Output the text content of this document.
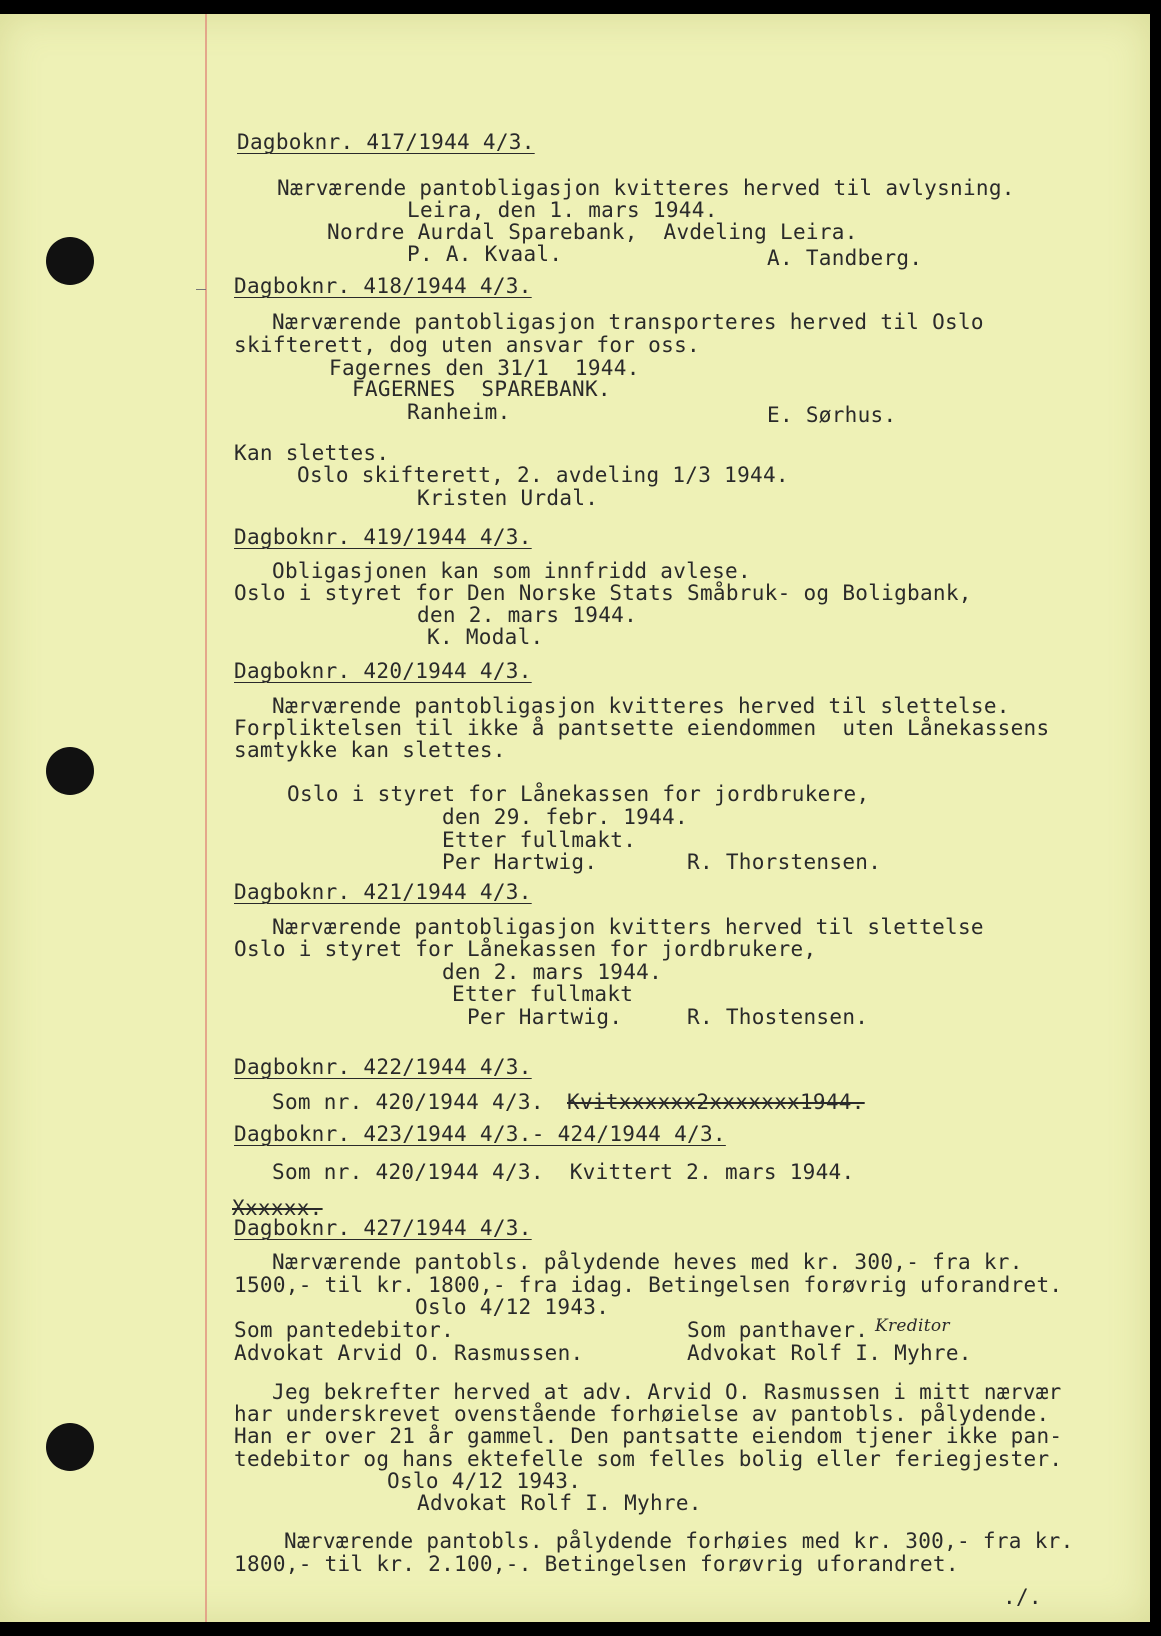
Dagboknr. 417/1944 4/3.
Nærværende pantobligasjon kvitteres herved til avlysning.
Leira, den 1. mars 1944.
Nordre Aurdal Sparebank,  Avdeling Leira.
P. A. Kvaal.	A. Tandberg.
Dagboknr. 418/1944 4/3.
Nærværende pantobligasjon transporteres herved til Oslo
skifterett, dog uten ansvar for oss.
Fagernes den 31/1  1944.
FAGERNES  SPAREBANK.
Ranheim.	E. Sørhus.
Kan slettes.
Oslo skifterett, 2. avdeling 1/3 1944.
Kristen Urdal.
Dagboknr. 419/1944 4/3.
Obligasjonen kan som innfridd avlese.
Oslo i styret for Den Norske Stats Småbruk- og Boligbank,
den 2. mars 1944.
K. Modal.
Dagboknr. 420/1944 4/3.
Nærværende pantobligasjon kvitteres herved til slettelse.
Forpliktelsen til ikke å pantsette eiendommen  uten Lånekassens
samtykke kan slettes.
Oslo i styret for Lånekassen for jordbrukere,
den 29. febr. 1944.
Etter fullmakt.
Per Hartwig.	R. Thorstensen.
Dagboknr. 421/1944 4/3.
Nærværende pantobligasjon kvitters herved til slettelse
Oslo i styret for Lånekassen for jordbrukere,
den 2. mars 1944.
Etter fullmakt
Per Hartwig.	R. Thostensen.
Dagboknr. 422/1944 4/3.
Som nr. 420/1944 4/3. Kvitxxxxxx2xxxxxxx1944.
Dagboknr. 423/1944 4/3.- 424/1944 4/3.
Som nr. 420/1944 4/3.  Kvittert 2. mars 1944.
Xxxxxx.
Dagboknr. 427/1944 4/3.
Nærværende pantobls. pålydende heves med kr. 300,- fra kr.
1500,- til kr. 1800,- fra idag. Betingelsen forøvrig uforandret.
Oslo 4/12 1943.
Som pantedebitor.	Som panthaver. Kreditor
Advokat Arvid O. Rasmussen.	Advokat Rolf I. Myhre.
Jeg bekrefter herved at adv. Arvid O. Rasmussen i mitt nærvær
har underskrevet ovenstående forhøielse av pantobls. pålydende.
Han er over 21 år gammel. Den pantsatte eiendom tjener ikke pan-
tedebitor og hans ektefelle som felles bolig eller feriegjester.
Oslo 4/12 1943.
Advokat Rolf I. Myhre.
Nærværende pantobls. pålydende forhøies med kr. 300,- fra kr.
1800,- til kr. 2.100,-. Betingelsen forøvrig uforandret.
./.
